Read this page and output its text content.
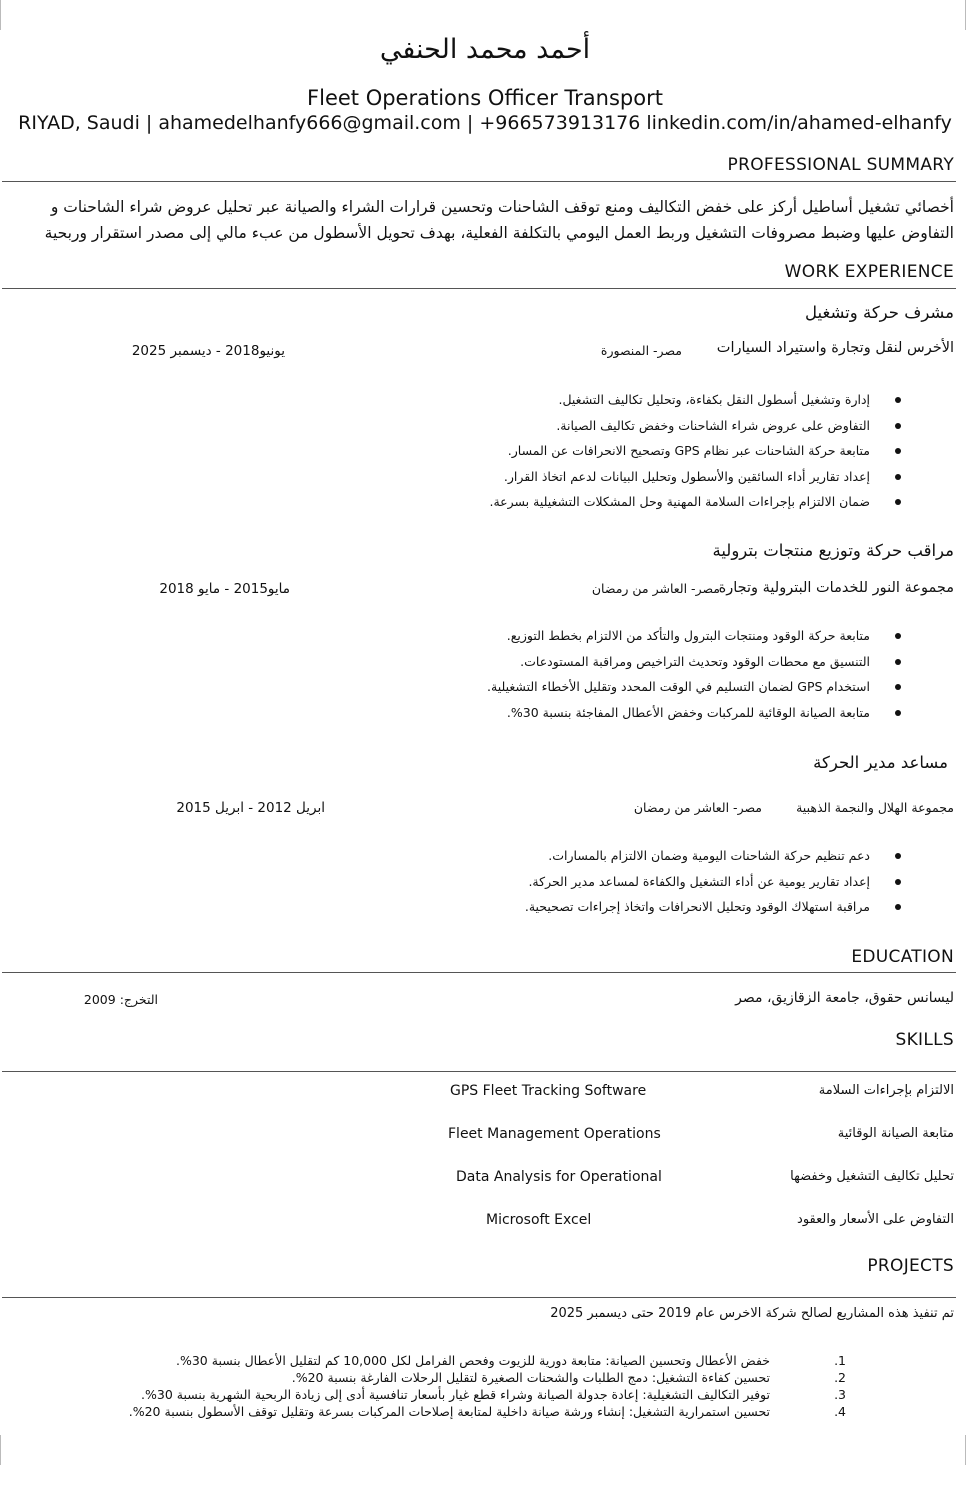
أحمد محمد الحنفي
Fleet Operations Officer Transport
RIYAD, Saudi | ahamedelhanfy666@gmail.com | +966573913176 linkedin.com/in/ahamed-elhanfy
PROFESSIONAL SUMMARY
أخصائي تشغيل أساطيل أركز على خفض التكاليف ومنع توقف الشاحنات وتحسين قرارات الشراء والصيانة عبر تحليل عروض شراء الشاحنات و التفاوض عليها وضبط مصروفات التشغيل وربط العمل اليومي بالتكلفة الفعلية، بهدف تحويل الأسطول من عبء مالي إلى مصدر استقرار وربحية
WORK EXPERIENCE
مشرف حركة وتشغيل
الأخرس لنقل وتجارة واستيراد السيارات
مصر- المنصورة
يونيو2018 - ديسمبر 2025
إدارة وتشغيل أسطول النقل بكفاءة، وتحليل تكاليف التشغيل.
التفاوض على عروض شراء الشاحنات وخفض تكاليف الصيانة.
متابعة حركة الشاحنات عبر نظام GPS وتصحيح الانحرافات عن المسار.
إعداد تقارير أداء السائقين والأسطول وتحليل البيانات لدعم اتخاذ القرار.
ضمان الالتزام بإجراءات السلامة المهنية وحل المشكلات التشغيلية بسرعة.
مراقب حركة وتوزيع منتجات بترولية
مجموعة النور للخدمات البترولية وتجارة
مصر- العاشر من رمضان
مايو2015 - مايو 2018
متابعة حركة الوقود ومنتجات البترول والتأكد من الالتزام بخطط التوزيع.
التنسيق مع محطات الوقود وتحديث التراخيص ومراقبة المستودعات.
استخدام GPS لضمان التسليم في الوقت المحدد وتقليل الأخطاء التشغيلية.
متابعة الصيانة الوقائية للمركبات وخفض الأعطال المفاجئة بنسبة 30%.
مساعد مدير الحركة
مجموعة الهلال والنجمة الذهبية
مصر- العاشر من رمضان
ابريل 2012 - ابريل 2015
دعم تنظيم حركة الشاحنات اليومية وضمان الالتزام بالمسارات.
إعداد تقارير يومية عن أداء التشغيل والكفاءة لمساعد مدير الحركة.
مراقبة استهلاك الوقود وتحليل الانحرافات واتخاذ إجراءات تصحيحية.
EDUCATION
ليسانس حقوق، جامعة الزقازيق، مصر
التخرج: 2009
SKILLS
الالتزام بإجراءات السلامة
GPS Fleet Tracking Software
متابعة الصيانة الوقائية
Fleet Management Operations
تحليل تكاليف التشغيل وخفضها
Data Analysis for Operational
التفاوض على الأسعار والعقود
Microsoft Excel
PROJECTS
تم تنفيذ هذه المشاريع لصالح شركة الاخرس عام 2019 حتى ديسمبر 2025
1.خفض الأعطال وتحسين الصيانة: متابعة دورية للزيوت وفحص الفرامل لكل 10,000 كم لتقليل الأعطال بنسبة 30%.
2.تحسين كفاءة التشغيل: دمج الطلبات والشحنات الصغيرة لتقليل الرحلات الفارغة بنسبة 20%.
3.توفير التكاليف التشغيلية: إعادة جدولة الصيانة وشراء قطع غيار بأسعار تنافسية أدى إلى زيادة الربحية الشهرية بنسبة 30%.
4.تحسين استمرارية التشغيل: إنشاء ورشة صيانة داخلية لمتابعة إصلاحات المركبات بسرعة وتقليل توقف الأسطول بنسبة 20%.
